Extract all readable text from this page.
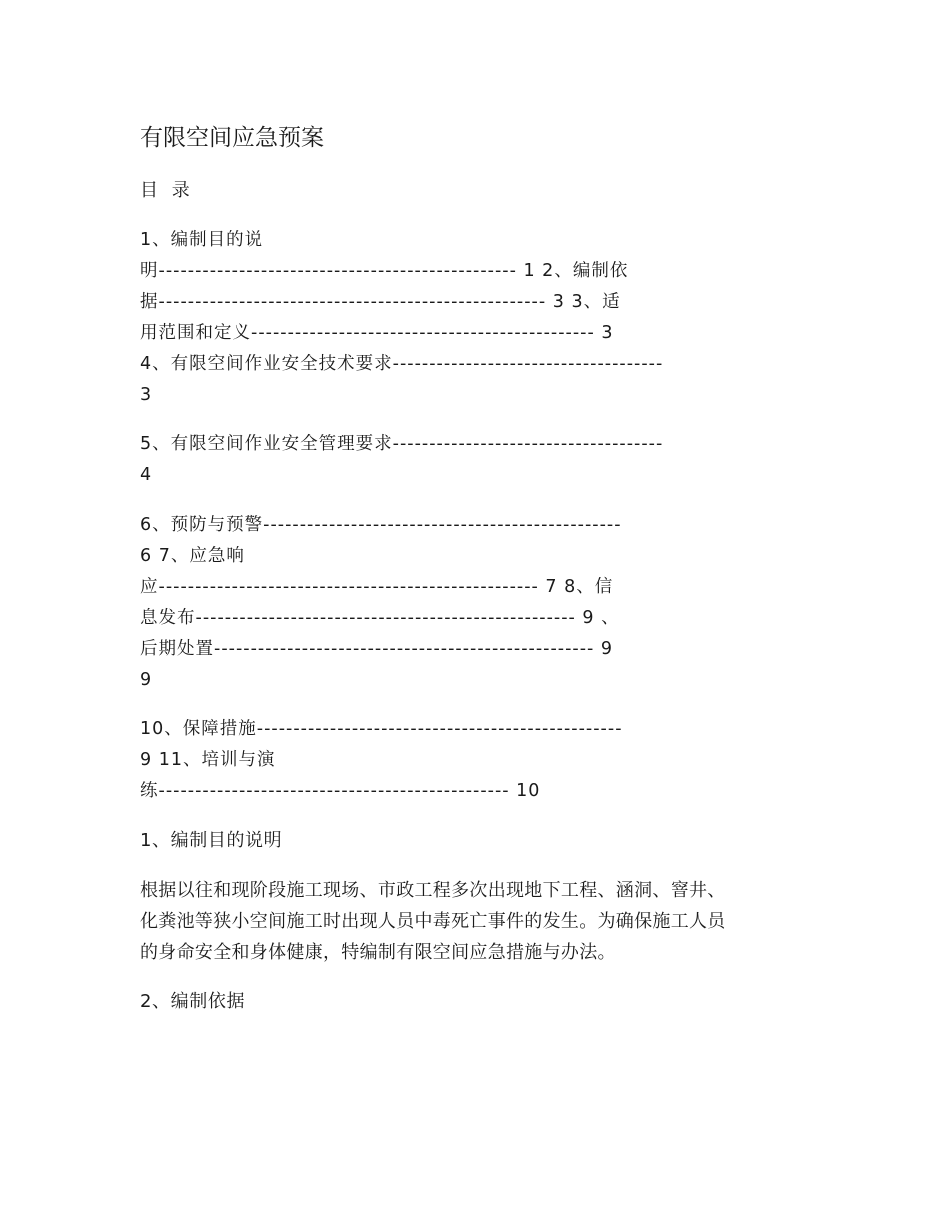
有限空间应急预案
目 录
1、编制目的说
明------------------------------------------------- 1 2、编制依
据----------------------------------------------------- 3 3、适
用范围和定义----------------------------------------------- 3
4、有限空间作业安全技术要求-------------------------------------
3
5、有限空间作业安全管理要求-------------------------------------
4
6、预防与预警-------------------------------------------------
6 7、应急响
应---------------------------------------------------- 7 8、信
息发布---------------------------------------------------- 9 、
后期处置---------------------------------------------------- 9
9
10、保障措施--------------------------------------------------
9 11、培训与演
练------------------------------------------------ 10
1、编制目的说明

根据以往和现阶段施工现场、市政工程多次出现地下工程、涵洞、窨井、

化粪池等狭小空间施工时出现人员中毒死亡事件的发生。为确保施工人员

的身命安全和身体健康，特编制有限空间应急措施与办法。

2、编制依据
